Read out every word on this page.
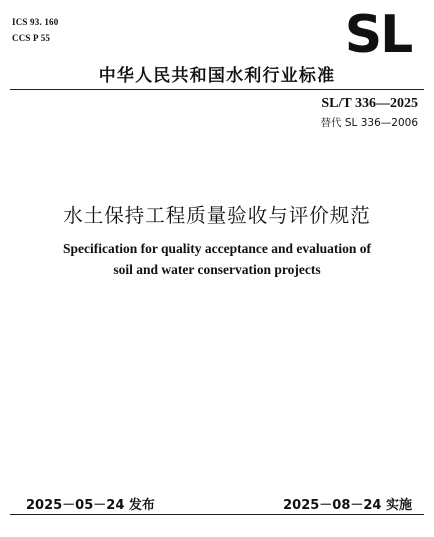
ICS 93. 160
CCS P 55	SL
中华人民共和国水利行业标准
SL/T 336—2025
替代 SL 336—2006
水土保持工程质量验收与评价规范
Specification for quality acceptance and evaluation of
soil and water conservation projects
2025－05－24 发布	2025－08－24 实施
